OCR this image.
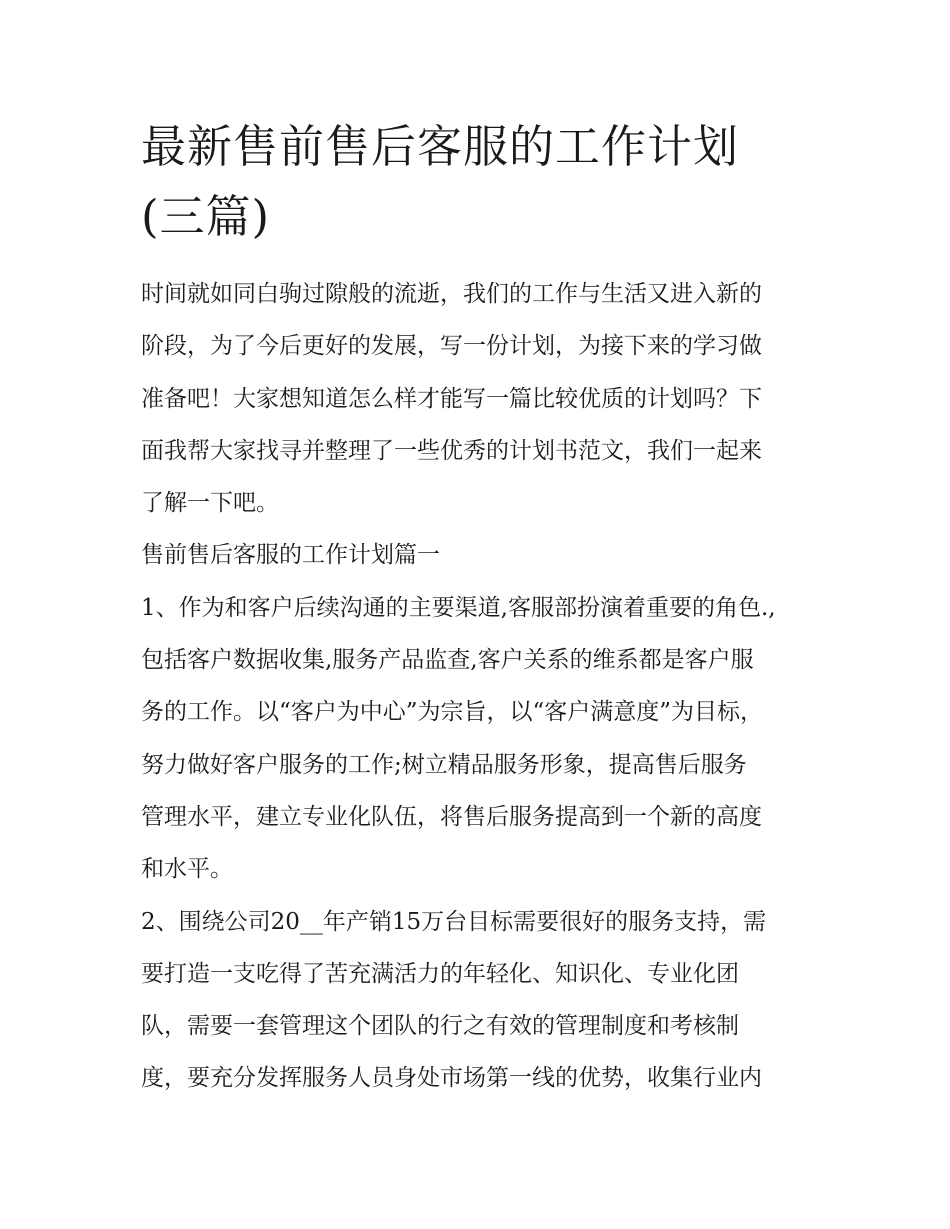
最新售前售后客服的工作计划
(三篇)

时间就如同白驹过隙般的流逝，我们的工作与生活又进入新的
阶段，为了今后更好的发展，写一份计划，为接下来的学习做
准备吧！大家想知道怎么样才能写一篇比较优质的计划吗？下
面我帮大家找寻并整理了一些优秀的计划书范文，我们一起来
了解一下吧。

售前售后客服的工作计划篇一

1、作为和客户后续沟通的主要渠道,客服部扮演着重要的角色.,
包括客户数据收集,服务产品监查,客户关系的维系都是客户服
务的工作。以“客户为中心”为宗旨，以“客户满意度”为目标，
努力做好客户服务的工作;树立精品服务形象，提高售后服务
管理水平，建立专业化队伍，将售后服务提高到一个新的高度
和水平。

2、围绕公司20__年产销15万台目标需要很好的服务支持，需
要打造一支吃得了苦充满活力的年轻化、知识化、专业化团
队，需要一套管理这个团队的行之有效的管理制度和考核制
度，要充分发挥服务人员身处市场第一线的优势，收集行业内
